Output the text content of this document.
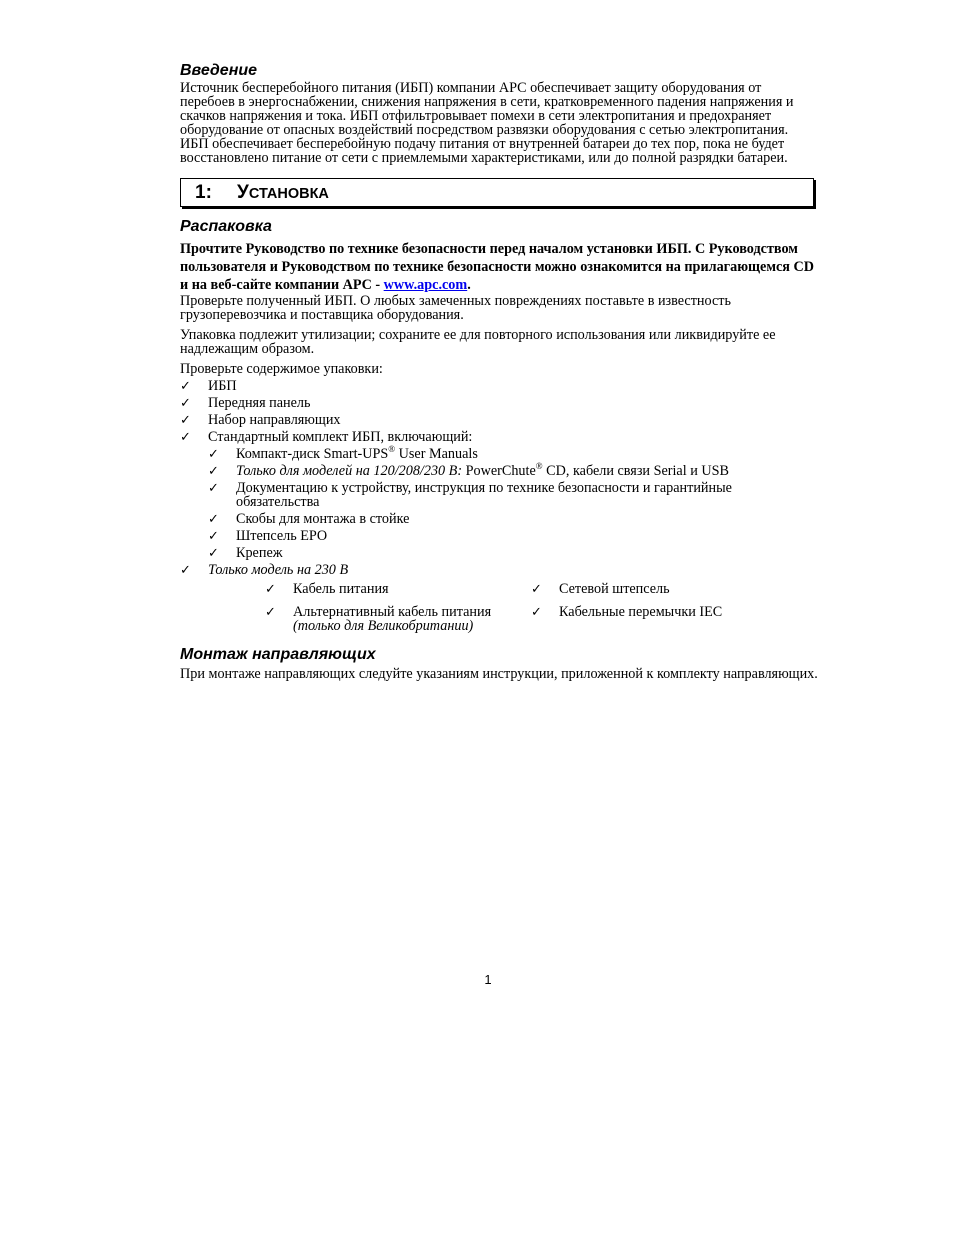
Введение

Источник бесперебойного питания (ИБП) компании APC обеспечивает защиту оборудования от перебоев в энергоснабжении, снижения напряжения в сети, кратковременного падения напряжения и скачков напряжения и тока. ИБП отфильтровывает помехи в сети электропитания и предохраняет оборудование от опасных воздействий посредством развязки оборудования с сетью электропитания. ИБП обеспечивает бесперебойную подачу питания от внутренней батареи до тех пор, пока не будет восстановлено питание от сети с приемлемыми характеристиками, или до полной разрядки батареи.

1:	УСТАНОВКА
Распаковка

Прочтите Руководство по технике безопасности перед началом установки ИБП. С Руководством пользователя и Руководством по технике безопасности можно ознакомится на прилагающемся CD и на веб-сайте компании APC - www.apc.com.

Проверьте полученный ИБП. О любых замеченных повреждениях поставьте в известность грузоперевозчика и поставщика оборудования.

Упаковка подлежит утилизации; сохраните ее для повторного использования или ликвидируйте ее надлежащим образом.

Проверьте содержимое упаковки:

✓ ИБП
✓ Передняя панель
✓ Набор направляющих
✓ Стандартный комплект ИБП, включающий:
✓ Компакт-диск Smart-UPS® User Manuals
✓ Только для моделей на 120/208/230 В: PowerChute® CD, кабели связи Serial и USB
✓ Документацию к устройству, инструкция по технике безопасности и гарантийные обязательства
✓ Скобы для монтажа в стойке
✓ Штепсель EPO
✓ Крепеж
✓ Только модель на 230 В
✓ Кабель питания
✓ Альтернативный кабель питания
(только для Великобритании)
✓ Сетевой штепсель
✓ Кабельные перемычки IEC
Монтаж направляющих

При монтаже направляющих следуйте указаниям инструкции, приложенной к комплекту направляющих.

1
